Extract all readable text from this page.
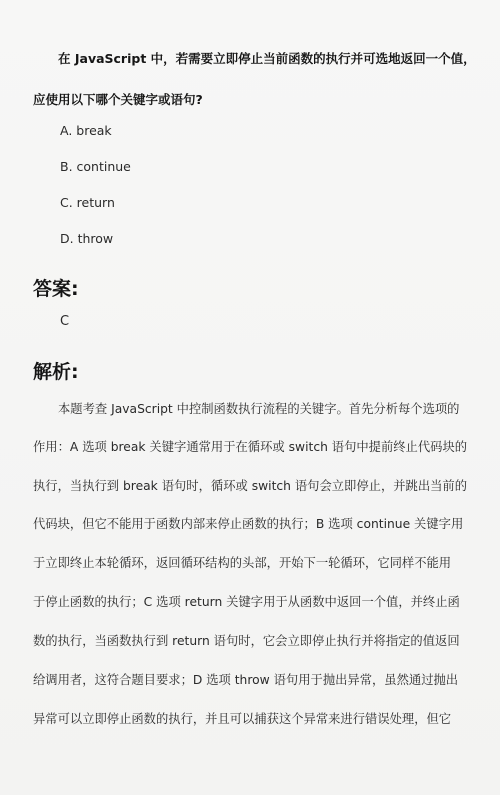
在 JavaScript 中，若需要立即停止当前函数的执行并可选地返回一个值，
应使用以下哪个关键字或语句?
A. break
B. continue
C. return
D. throw
答案:
C
解析:
本题考查 JavaScript 中控制函数执行流程的关键字。首先分析每个选项的
作用：A 选项 break 关键字通常用于在循环或 switch 语句中提前终止代码块的
执行，当执行到 break 语句时，循环或 switch 语句会立即停止，并跳出当前的
代码块，但它不能用于函数内部来停止函数的执行；B 选项 continue 关键字用
于立即终止本轮循环，返回循环结构的头部，开始下一轮循环，它同样不能用
于停止函数的执行；C 选项 return 关键字用于从函数中返回一个值，并终止函
数的执行，当函数执行到 return 语句时，它会立即停止执行并将指定的值返回
给调用者，这符合题目要求；D 选项 throw 语句用于抛出异常，虽然通过抛出
异常可以立即停止函数的执行，并且可以捕获这个异常来进行错误处理，但它
